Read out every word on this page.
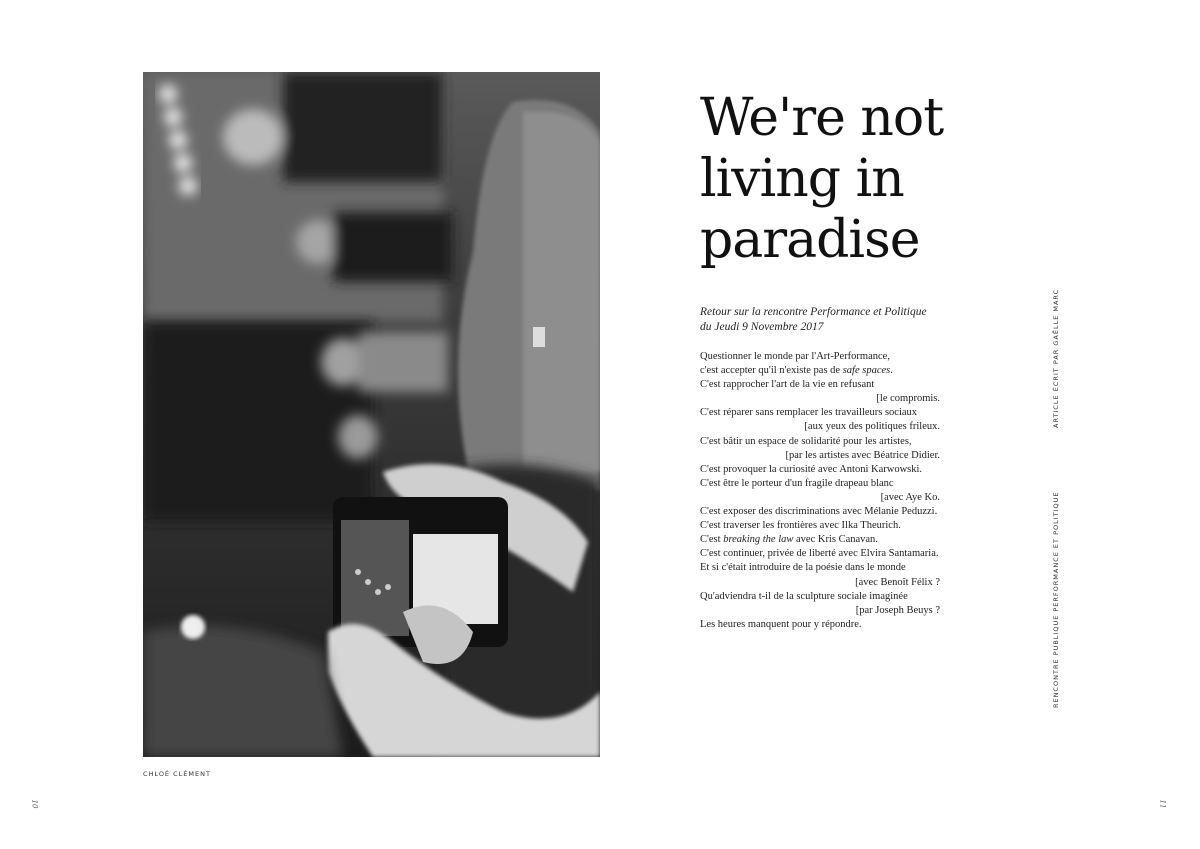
CHLOÉ CLÉMENT
10	11
We're not
living in
paradise
Retour sur la rencontre Performance et Politique
du Jeudi 9 Novembre 2017
Questionner le monde par l'Art-Performance,
c'est accepter qu'il n'existe pas de safe spaces.
C'est rapprocher l'art de la vie en refusant
[le compromis.
C'est réparer sans remplacer les travailleurs sociaux
[aux yeux des politiques frileux.
C'est bâtir un espace de solidarité pour les artistes,
[par les artistes avec Béatrice Didier.
C'est provoquer la curiosité avec Antoni Karwowski.
C'est être le porteur d'un fragile drapeau blanc
[avec Aye Ko.
C'est exposer des discriminations avec Mélanie Peduzzi.
C'est traverser les frontières avec Ilka Theurich.
C'est breaking the law avec Kris Canavan.
C'est continuer, privée de liberté avec Elvira Santamaria.
Et si c'était introduire de la poésie dans le monde
[avec Benoît Félix ?
Qu'adviendra t-il de la sculpture sociale imaginée
[par Joseph Beuys ?
Les heures manquent pour y répondre.
ARTICLE ÉCRIT PAR GAËLLE MARC
RENCONTRE PUBLIQUE PERFORMANCE ET POLITIQUE
